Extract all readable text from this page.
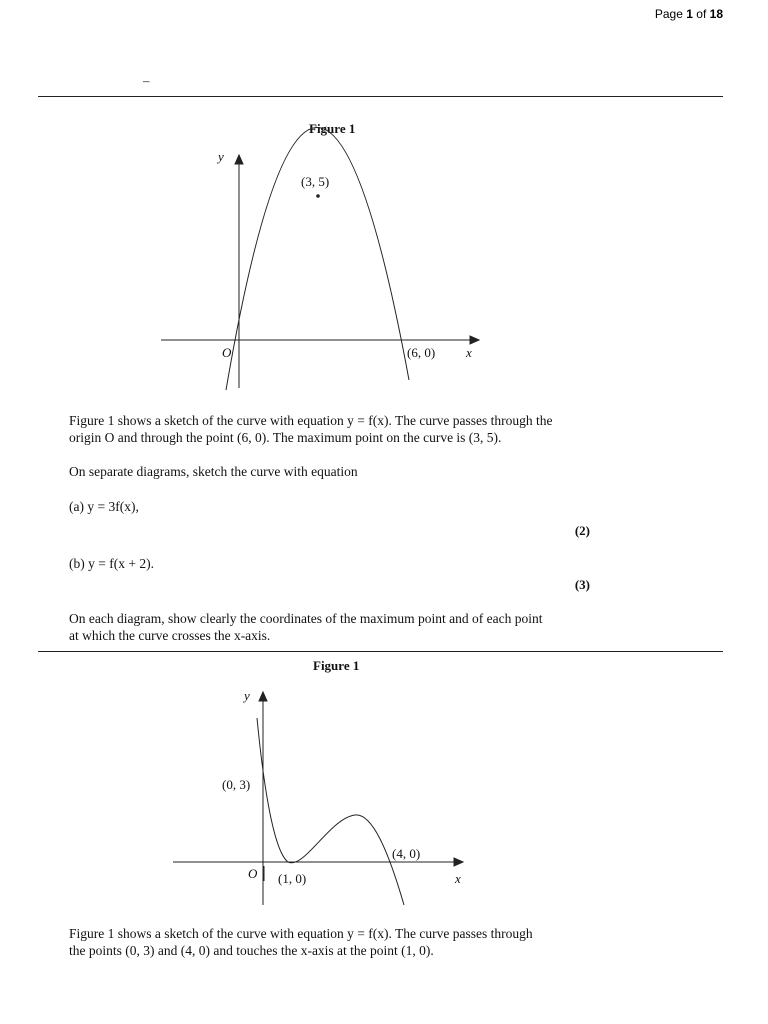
Page 1 of 18
–
Figure 1
y
(3, 5)
O	(6, 0) x
Figure 1 shows a sketch of the curve with equation y = f(x). The curve passes through the
origin O and through the point (6, 0). The maximum point on the curve is (3, 5).
On separate diagrams, sketch the curve with equation
(a) y = 3f(x),
(2)
(b) y = f(x + 2).
(3)
On each diagram, show clearly the coordinates of the maximum point and of each point
at which the curve crosses the x-axis.
Figure 1
y
(0, 3)
(4, 0)
O (1, 0)	x
Figure 1 shows a sketch of the curve with equation y = f(x). The curve passes through
the points (0, 3) and (4, 0) and touches the x-axis at the point (1, 0).
